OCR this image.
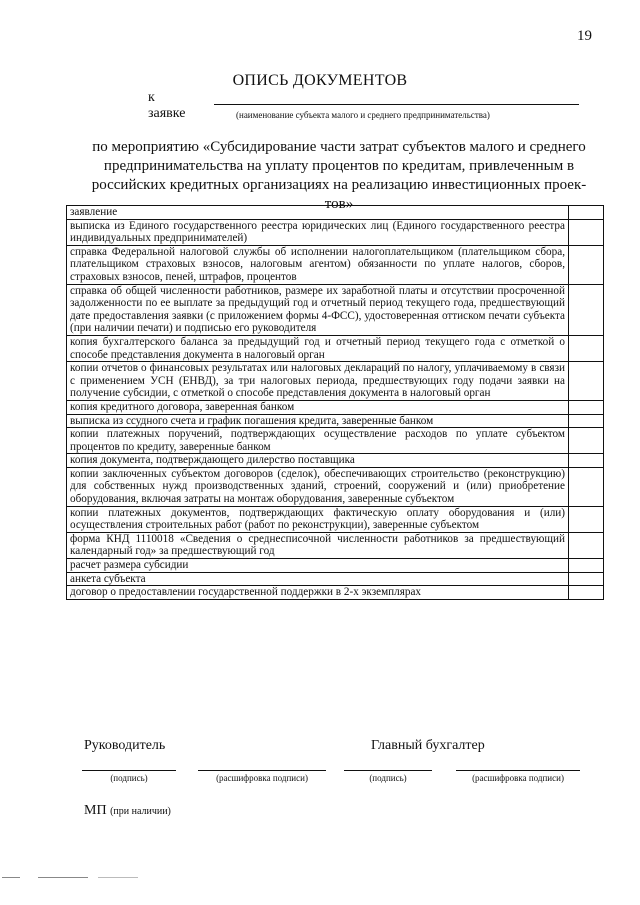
19
ОПИСЬ ДОКУМЕНТОВ
к заявке	(наименование субъекта малого и среднего предпринимательства)
по мероприятию «Субсидирование части затрат субъектов малого и среднего предпринимательства на уплату процентов по кредитам, привлеченным в российских кредитных организациях на реализацию инвестиционных проек-тов»
заявление	
выписка из Единого государственного реестра юридических лиц (Единого государственного реестра индивидуальных предпринимателей)	
справка Федеральной налоговой службы об исполнении налогоплательщиком (плательщиком сбора, плательщиком страховых взносов, налоговым агентом) обязанности по уплате налогов, сборов, страховых взносов, пеней, штрафов, процентов	
справка об общей численности работников, размере их заработной платы и отсутствии просроченной задолженности по ее выплате за предыдущий год и отчетный период текущего года, предшествующий дате предоставления заявки (с приложением формы 4-ФСС), удостоверенная оттиском печати субъекта (при наличии печати) и подписью его руководителя	
копия бухгалтерского баланса за предыдущий год и отчетный период текущего года с отметкой о способе представления документа в налоговый орган	
копии отчетов о финансовых результатах или налоговых деклараций по налогу, уплачиваемому в связи с применением УСН (ЕНВД), за три налоговых периода, предшествующих году подачи заявки на получение субсидии, с отметкой о способе представления документа в налоговый орган	
копия кредитного договора, заверенная банком	
выписка из ссудного счета и график погашения кредита, заверенные банком	
копии платежных поручений, подтверждающих осуществление расходов по уплате субъектом процентов по кредиту, заверенные банком	
копия документа, подтверждающего дилерство поставщика	
копии заключенных субъектом договоров (сделок), обеспечивающих строительство (реконструкцию) для собственных нужд производственных зданий, строений, сооружений и (или) приобретение оборудования, включая затраты на монтаж оборудования, заверенные субъектом	
копии платежных документов, подтверждающих фактическую оплату оборудования и (или) осуществления строительных работ (работ по реконструкции), заверенные субъектом	
форма КНД 1110018 «Сведения о среднесписочной численности работников за предшествующий календарный год» за предшествующий год	
расчет размера субсидии	
анкета субъекта	
договор о предоставлении государственной поддержки в 2-х экземплярах	
Руководитель	Главный бухгалтер
(подпись)	(расшифровка подписи)	(подпись)	(расшифровка подписи)
МП (при наличии)
